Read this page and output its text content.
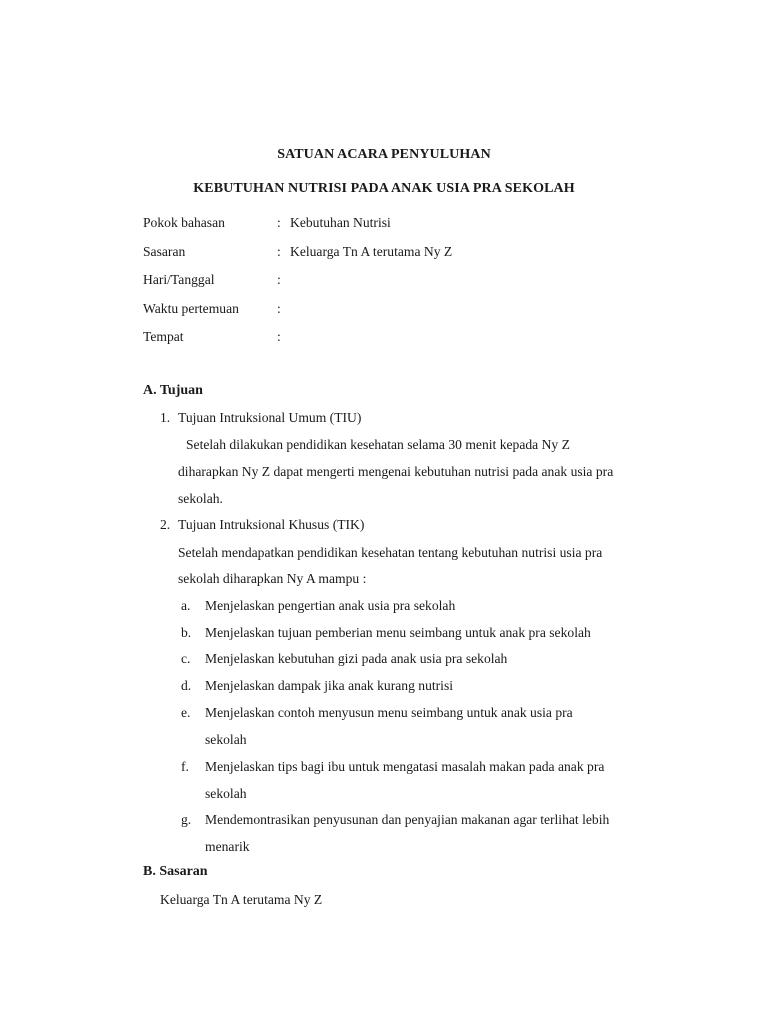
SATUAN ACARA PENYULUHAN
KEBUTUHAN NUTRISI PADA ANAK USIA PRA SEKOLAH
Pokok bahasan	: Kebutuhan Nutrisi
Sasaran	: Keluarga Tn A terutama Ny Z
Hari/Tanggal	:
Waktu pertemuan	:
Tempat	:
A. Tujuan
1. Tujuan Intruksional Umum (TIU)
Setelah dilakukan pendidikan kesehatan selama 30 menit kepada Ny Z
diharapkan Ny Z dapat mengerti mengenai kebutuhan nutrisi pada anak usia pra
sekolah.
2. Tujuan Intruksional Khusus (TIK)
Setelah mendapatkan pendidikan kesehatan tentang kebutuhan nutrisi usia pra
sekolah diharapkan Ny A mampu :
a. Menjelaskan pengertian anak usia pra sekolah
b. Menjelaskan tujuan pemberian menu seimbang untuk anak pra sekolah
c. Menjelaskan kebutuhan gizi pada anak usia pra sekolah
d. Menjelaskan dampak jika anak kurang nutrisi
e. Menjelaskan contoh menyusun menu seimbang untuk anak usia pra
sekolah
f. Menjelaskan tips bagi ibu untuk mengatasi masalah makan pada anak pra
sekolah
g. Mendemontrasikan penyusunan dan penyajian makanan agar terlihat lebih
menarik
B. Sasaran
Keluarga Tn A terutama Ny Z
